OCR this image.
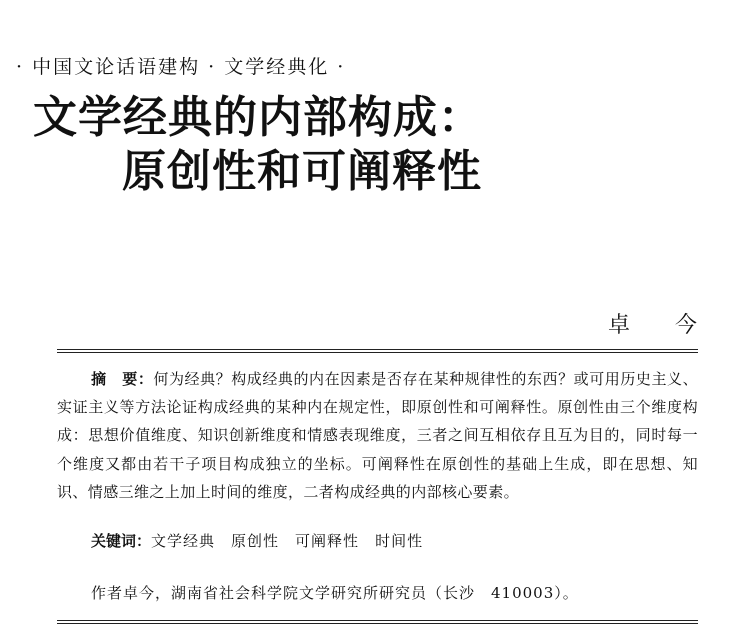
· 中国文论话语建构 · 文学经典化 ·
文学经典的内部构成：
原创性和可阐释性
卓 今
摘　要：何为经典？构成经典的内在因素是否存在某种规律性的东西？或可用历史主义、实证主义等方法论证构成经典的某种内在规定性，即原创性和可阐释性。原创性由三个维度构成：思想价值维度、知识创新维度和情感表现维度，三者之间互相依存且互为目的，同时每一个维度又都由若干子项目构成独立的坐标。可阐释性在原创性的基础上生成，即在思想、知识、情感三维之上加上时间的维度，二者构成经典的内部核心要素。
关键词：文学经典 原创性 可阐释性 时间性
作者卓今，湖南省社会科学院文学研究所研究员（长沙　410003）。
